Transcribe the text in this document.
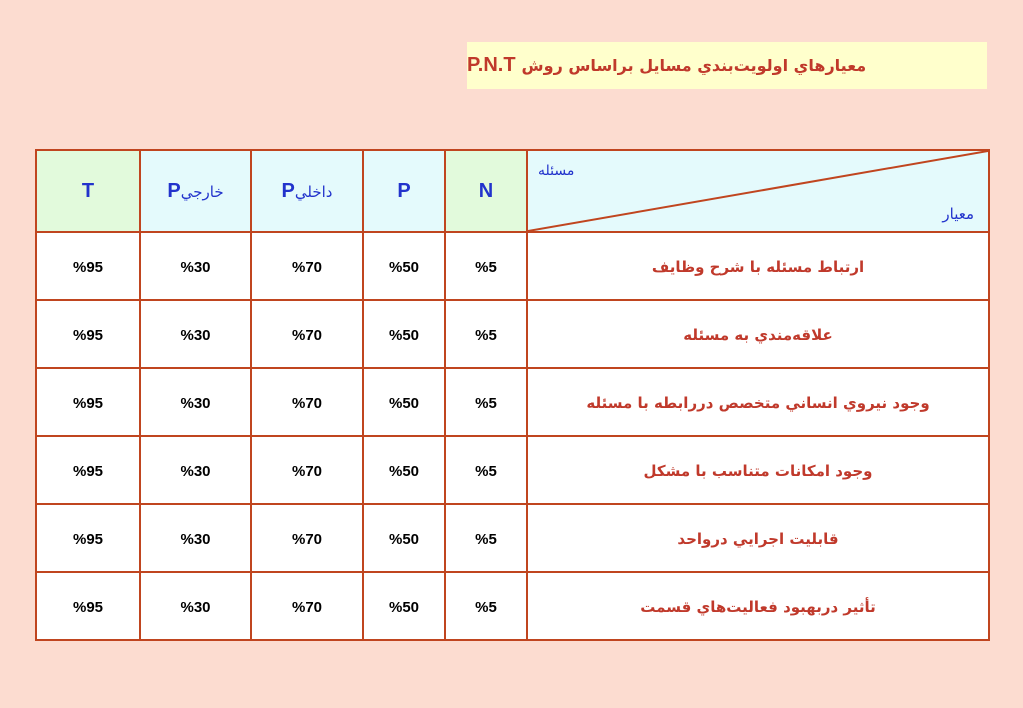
معيارهاي اولويت‌بندي مسايل براساس روش
P.N.T
T	خارجيP	داخليP	P	N	مسئله
معيار

%95	%30	%70	%50	%5	ارتباط مسئله با شرح وظايف
%95	%30	%70	%50	%5	علاقه‌مندي به مسئله
%95	%30	%70	%50	%5	وجود نيروي انساني متخصص دررابطه با مسئله
%95	%30	%70	%50	%5	وجود امكانات متناسب با مشكل
%95	%30	%70	%50	%5	قابليت اجرايي درواحد
%95	%30	%70	%50	%5	تأثير دربهبود فعاليت‌هاي قسمت
